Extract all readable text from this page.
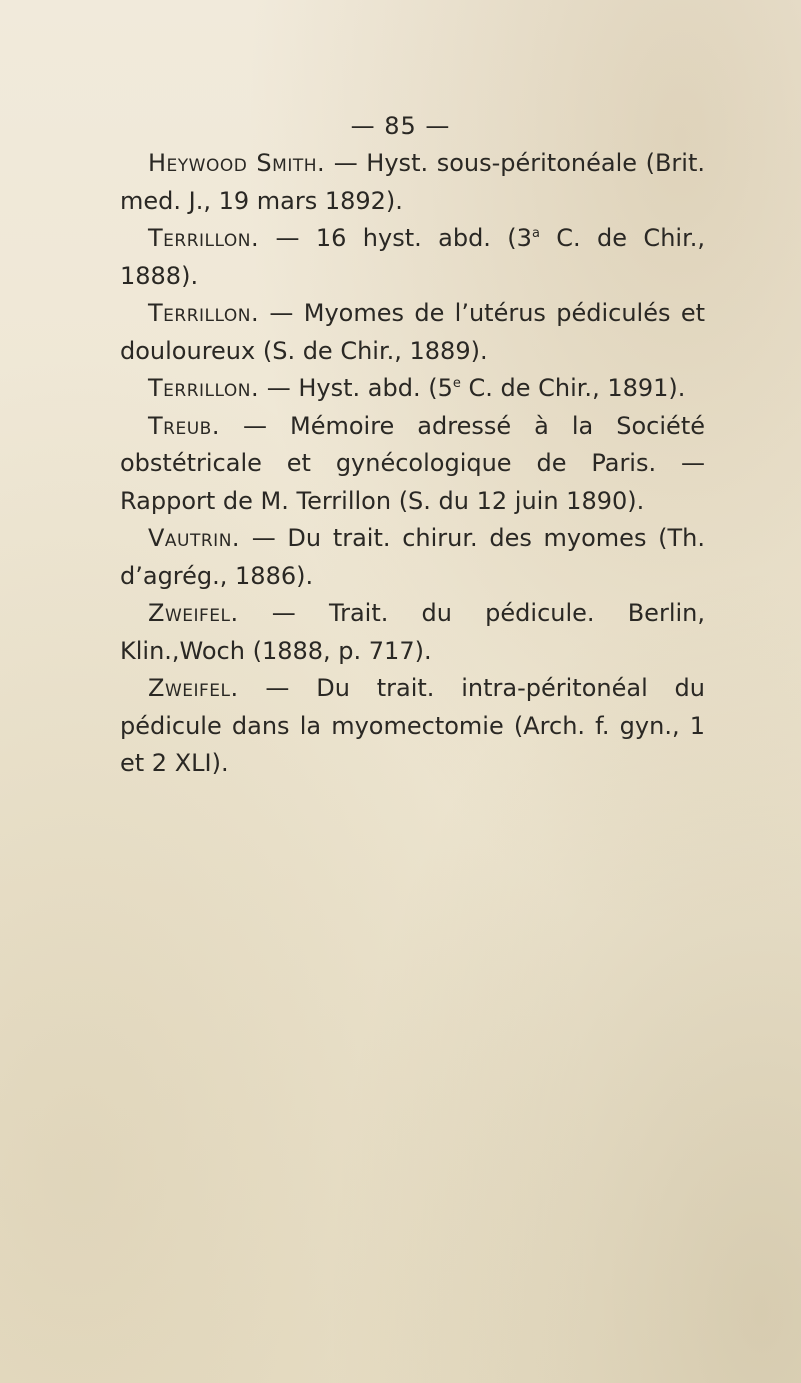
— 85 —

Heywood Smith. — Hyst. sous-péritonéale (Brit. med. J., 19 mars 1892).

Terrillon. — 16 hyst. abd. (3$^a$ C. de Chir., 1888).

Terrillon. — Myomes de l’utérus pédiculés et douloureux (S. de Chir., 1889).

Terrillon. — Hyst. abd. (5e C. de Chir., 1891).

Treub. — Mémoire adressé à la Société obstétricale et gynécologique de Paris. — Rapport de M. Terrillon (S. du 12 juin 1890).

Vautrin. — Du trait. chirur. des myomes (Th. d’agrég., 1886).

Zweifel. — Trait. du pédicule. Berlin, Klin.,Woch (1888, p. 717).

Zweifel. — Du trait. intra-péritonéal du pédicule dans la myomectomie (Arch. f. gyn., 1 et 2 XLI).
